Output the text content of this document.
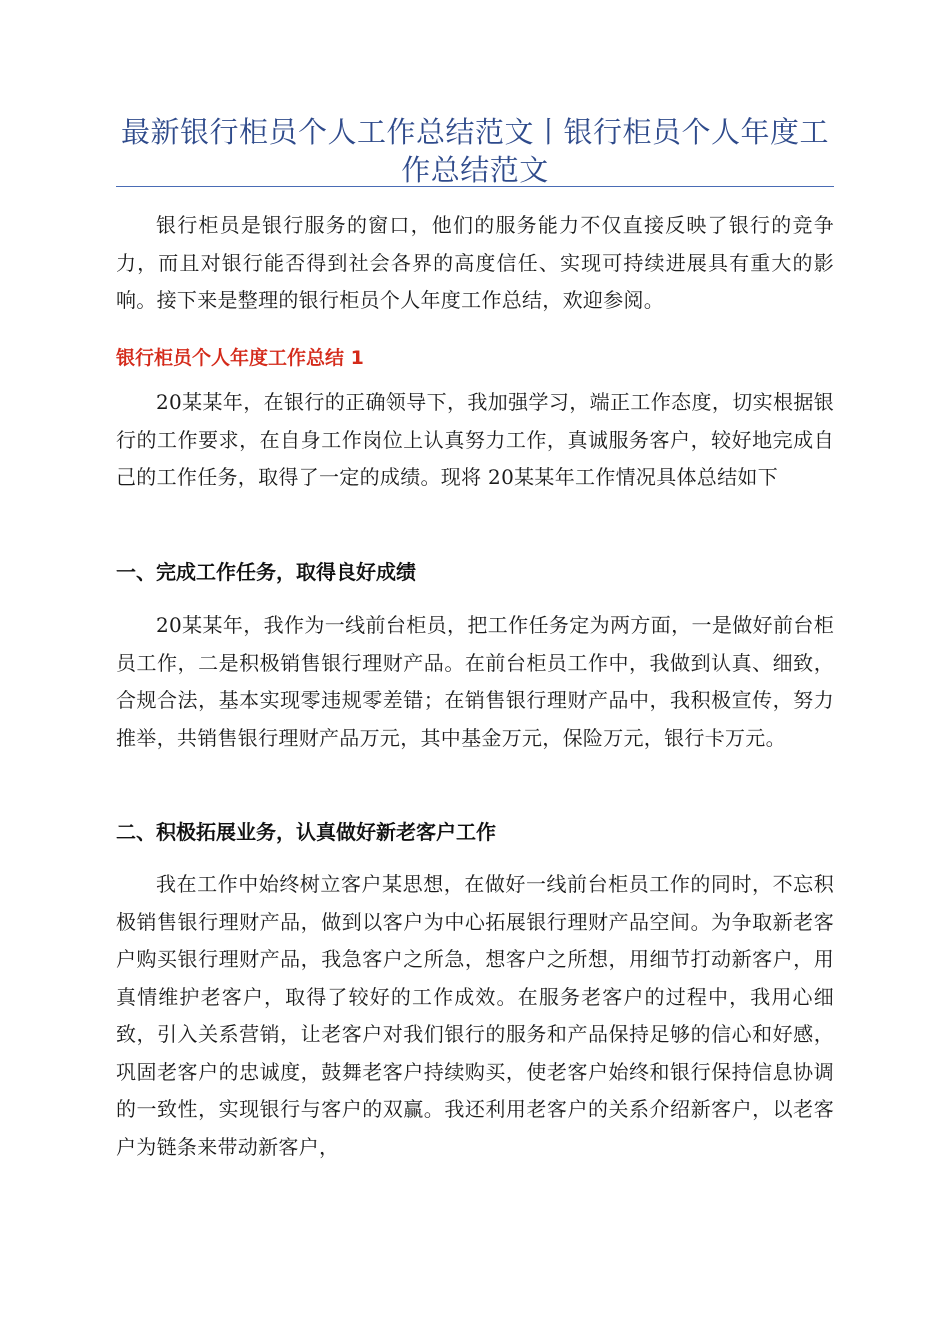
最新银行柜员个人工作总结范文丨银行柜员个人年度工作总结范文

银行柜员是银行服务的窗口，他们的服务能力不仅直接反映了银行的竞争力，而且对银行能否得到社会各界的高度信任、实现可持续进展具有重大的影响。接下来是整理的银行柜员个人年度工作总结，欢迎参阅。

银行柜员个人年度工作总结 1

20某某年，在银行的正确领导下，我加强学习，端正工作态度，切实根据银行的工作要求，在自身工作岗位上认真努力工作，真诚服务客户，较好地完成自己的工作任务，取得了一定的成绩。现将 20某某年工作情况具体总结如下

一、完成工作任务，取得良好成绩

20某某年，我作为一线前台柜员，把工作任务定为两方面，一是做好前台柜员工作，二是积极销售银行理财产品。在前台柜员工作中，我做到认真、细致，合规合法，基本实现零违规零差错；在销售银行理财产品中，我积极宣传，努力推举，共销售银行理财产品万元，其中基金万元，保险万元，银行卡万元。

二、积极拓展业务，认真做好新老客户工作

我在工作中始终树立客户某思想，在做好一线前台柜员工作的同时，不忘积极销售银行理财产品，做到以客户为中心拓展银行理财产品空间。为争取新老客户购买银行理财产品，我急客户之所急，想客户之所想，用细节打动新客户，用真情维护老客户，取得了较好的工作成效。在服务老客户的过程中，我用心细致，引入关系营销，让老客户对我们银行的服务和产品保持足够的信心和好感，巩固老客户的忠诚度，鼓舞老客户持续购买，使老客户始终和银行保持信息协调的一致性，实现银行与客户的双赢。我还利用老客户的关系介绍新客户，以老客户为链条来带动新客户，
